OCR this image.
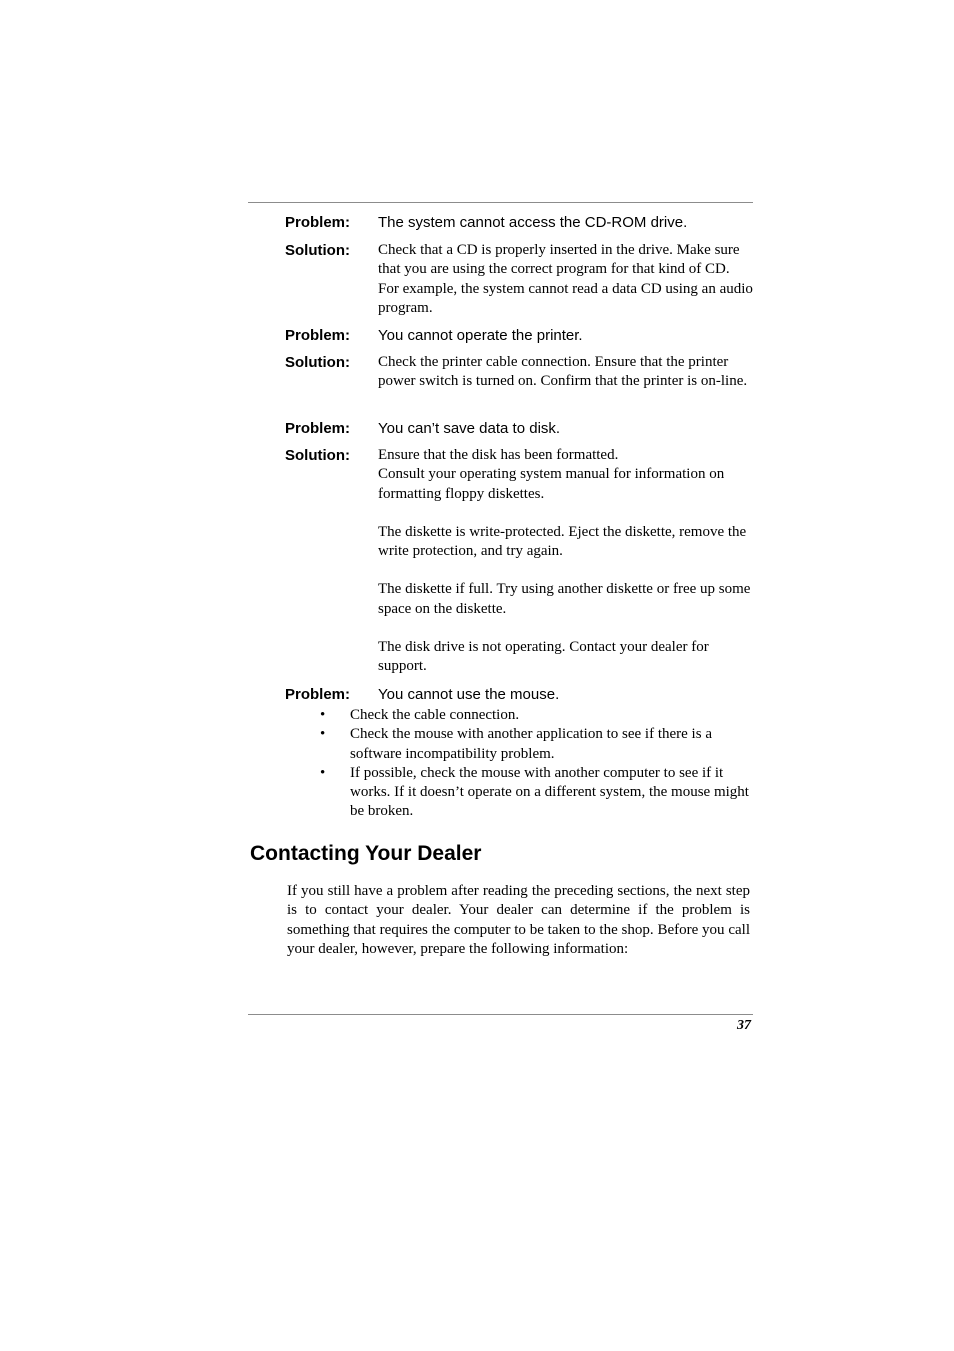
Problem: The system cannot access the CD-ROM drive.
Solution: Check that a CD is properly inserted in the drive. Make sure that you are using the correct program for that kind of CD. For example, the system cannot read a data CD using an audio program.

Problem: You cannot operate the printer.
Solution: Check the printer cable connection. Ensure that the printer power switch is turned on. Confirm that the printer is on-line.

Problem: You can’t save data to disk.
Solution: Ensure that the disk has been formatted.
Consult your operating system manual for information on formatting floppy diskettes.

The diskette is write-protected. Eject the diskette, remove the write protection, and try again.

The diskette if full. Try using another diskette or free up some space on the diskette.

The disk drive is not operating. Contact your dealer for support.

Problem: You cannot use the mouse.
• Check the cable connection.
• Check the mouse with another application to see if there is a software incompatibility problem.
• If possible, check the mouse with another computer to see if it works. If it doesn’t operate on a different system, the mouse might be broken.
Contacting Your Dealer

If you still have a problem after reading the preceding sections, the next step is to contact your dealer. Your dealer can determine if the problem is something that requires the computer to be taken to the shop. Before you call your dealer, however, prepare the following information:

37
